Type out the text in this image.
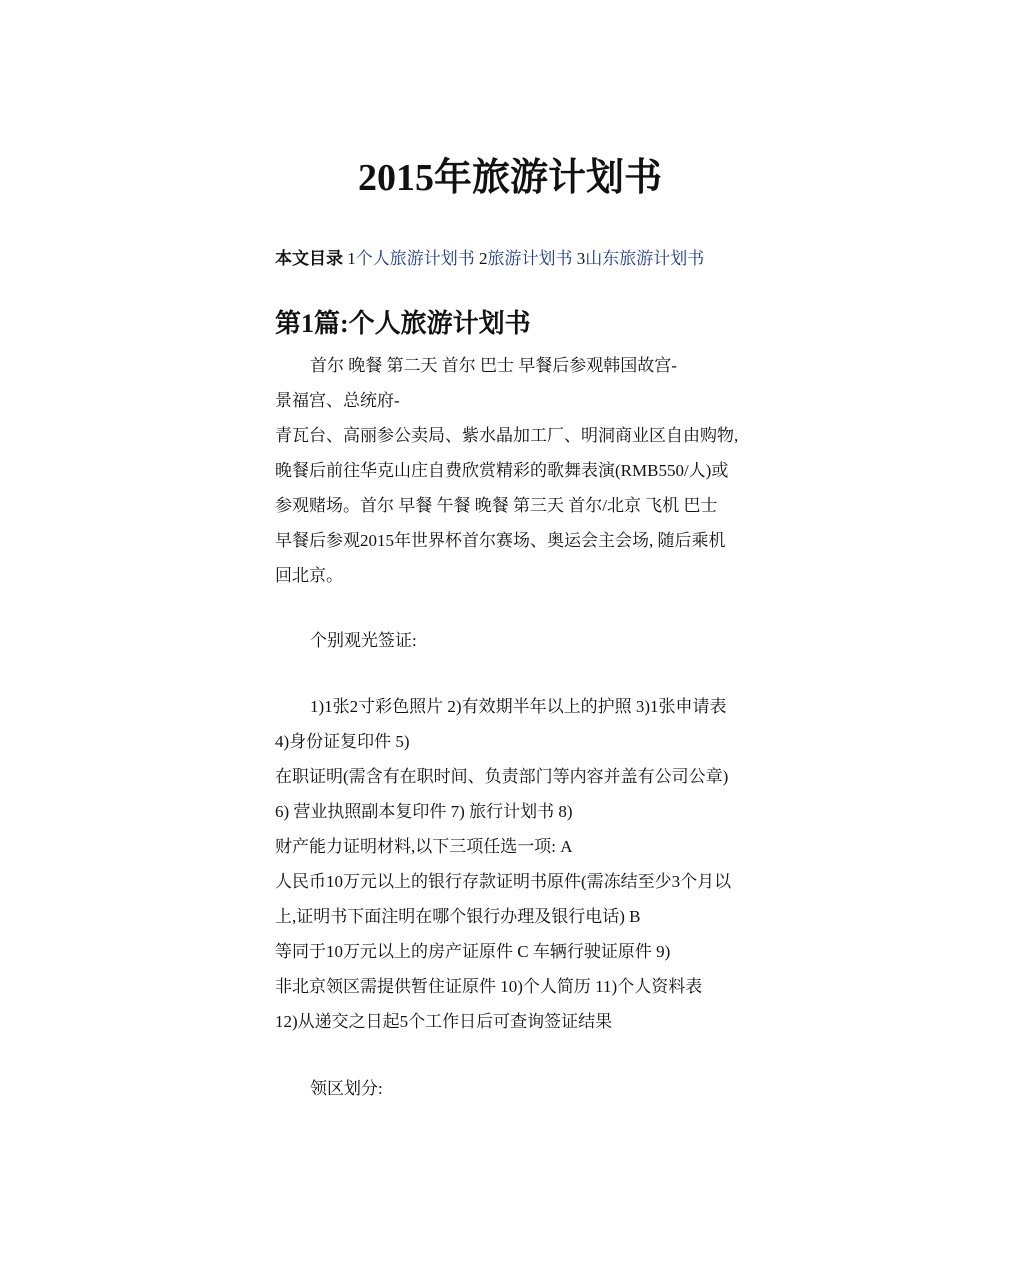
2015年旅游计划书
本文目录 1个人旅游计划书 2旅游计划书 3山东旅游计划书
第1篇:个人旅游计划书
首尔 晚餐 第二天 首尔 巴士 早餐后参观韩国故宫-
景福宫、总统府-
青瓦台、高丽参公卖局、紫水晶加工厂、明洞商业区自由购物,
晚餐后前往华克山庄自费欣赏精彩的歌舞表演(RMB550/人)或
参观赌场。首尔 早餐 午餐 晚餐 第三天 首尔/北京 飞机 巴士
早餐后参观2015年世界杯首尔赛场、奥运会主会场, 随后乘机
回北京。
个别观光签证:
1)1张2寸彩色照片 2)有效期半年以上的护照 3)1张申请表
4)身份证复印件 5)
在职证明(需含有在职时间、负责部门等内容并盖有公司公章)
6) 营业执照副本复印件 7) 旅行计划书 8)
财产能力证明材料,以下三项任选一项: A
人民币10万元以上的银行存款证明书原件(需冻结至少3个月以
上,证明书下面注明在哪个银行办理及银行电话) B
等同于10万元以上的房产证原件 C 车辆行驶证原件 9)
非北京领区需提供暂住证原件 10)个人简历 11)个人资料表
12)从递交之日起5个工作日后可查询签证结果
领区划分:
